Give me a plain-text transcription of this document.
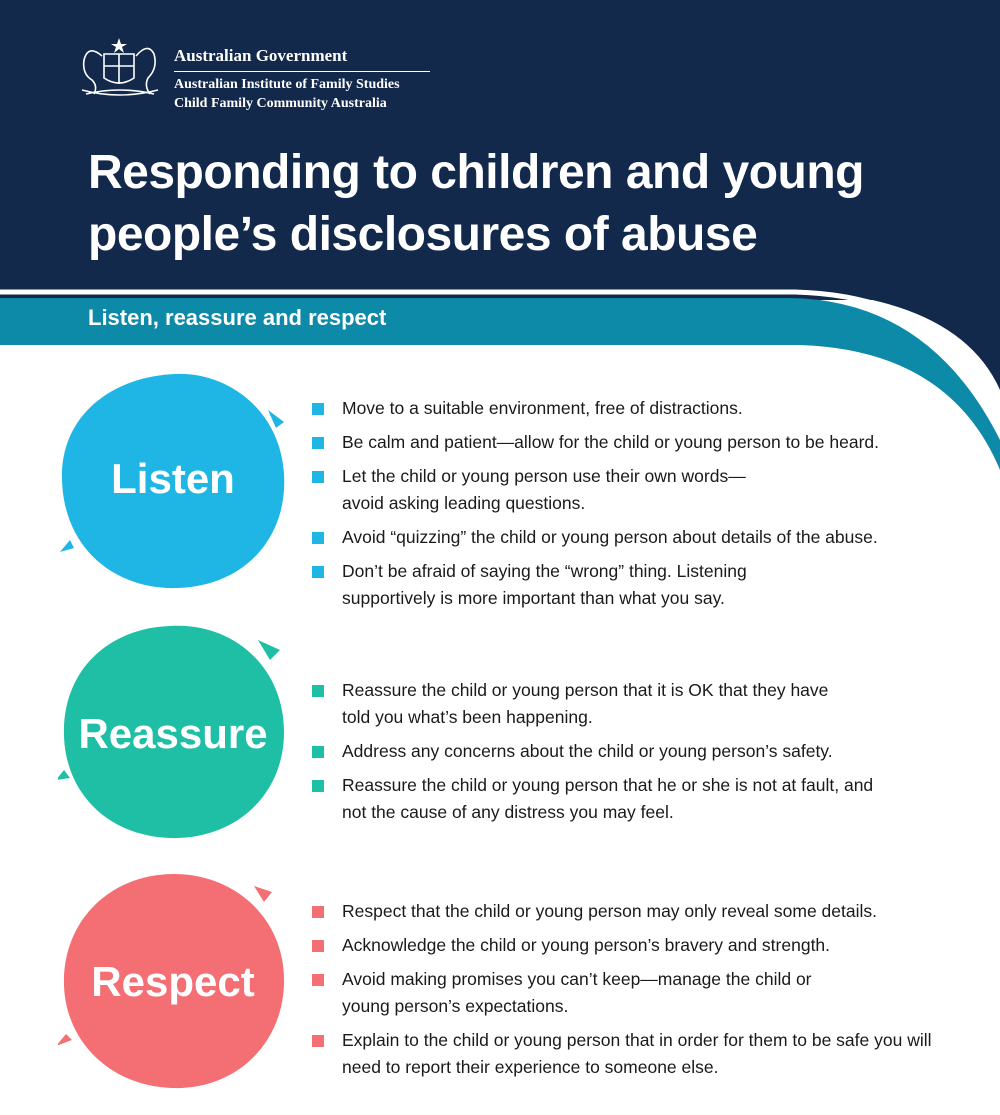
Australian Government
Australian Institute of Family Studies
Child Family Community Australia
Responding to children and young
people’s disclosures of abuse
Listen, reassure and respect
Listen
Move to a suitable environment, free of distractions.
Be calm and patient—allow for the child or young person to be heard.
Let the child or young person use their own words—avoid asking leading questions.
Avoid “quizzing” the child or young person about details of the abuse.
Don’t be afraid of saying the “wrong” thing. Listening supportively is more important than what you say.
Reassure
Reassure the child or young person that it is OK that they have told you what’s been happening.
Address any concerns about the child or young person’s safety.
Reassure the child or young person that he or she is not at fault, and not the cause of any distress you may feel.
Respect
Respect that the child or young person may only reveal some details.
Acknowledge the child or young person’s bravery and strength.
Avoid making promises you can’t keep—manage the child or young person’s expectations.
Explain to the child or young person that in order for them to be safe you will need to report their experience to someone else.
